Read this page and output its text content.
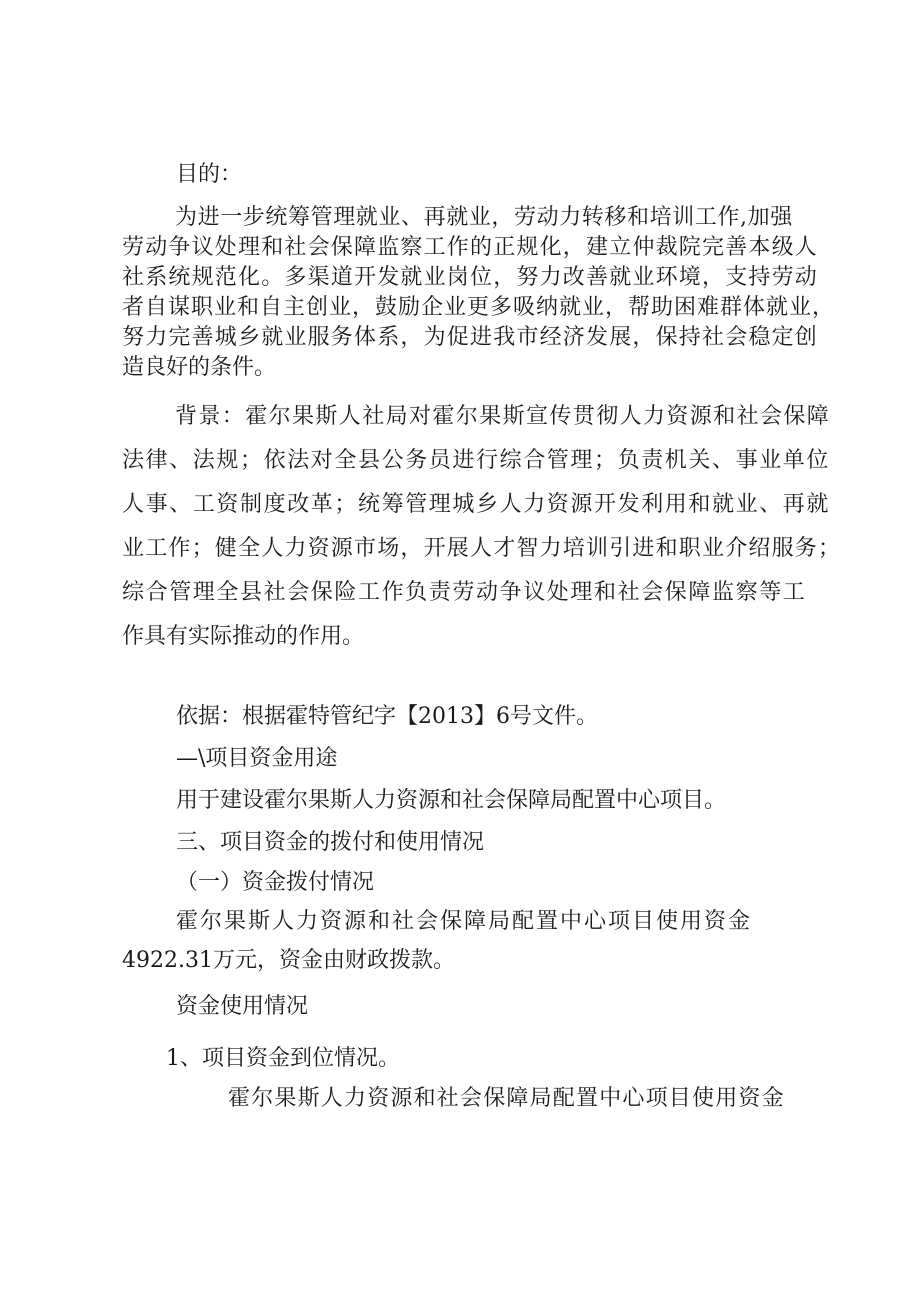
目的：

为进一步统筹管理就业、再就业，劳动力转移和培训工作,加强
劳动争议处理和社会保障监察工作的正规化，建立仲裁院完善本级人
社系统规范化。多渠道开发就业岗位，努力改善就业环境，支持劳动
者自谋职业和自主创业，鼓励企业更多吸纳就业，帮助困难群体就业，
努力完善城乡就业服务体系，为促进我市经济发展，保持社会稳定创
造良好的条件。
背景：霍尔果斯人社局对霍尔果斯宣传贯彻人力资源和社会保障
法律、法规；依法对全县公务员进行综合管理；负责机关、事业单位
人事、工资制度改革；统筹管理城乡人力资源开发利用和就业、再就
业工作；健全人力资源市场，开展人才智力培训引进和职业介绍服务；
综合管理全县社会保险工作负责劳动争议处理和社会保障监察等工
作具有实际推动的作用。

依据：根据霍特管纪字【2013】6号文件。

—\项目资金用途

用于建设霍尔果斯人力资源和社会保障局配置中心项目。

三、项目资金的拨付和使用情况

（一）资金拨付情况

霍尔果斯人力资源和社会保障局配置中心项目使用资金

4922.31万元，资金由财政拨款。

资金使用情况

1、项目资金到位情况。

霍尔果斯人力资源和社会保障局配置中心项目使用资金
